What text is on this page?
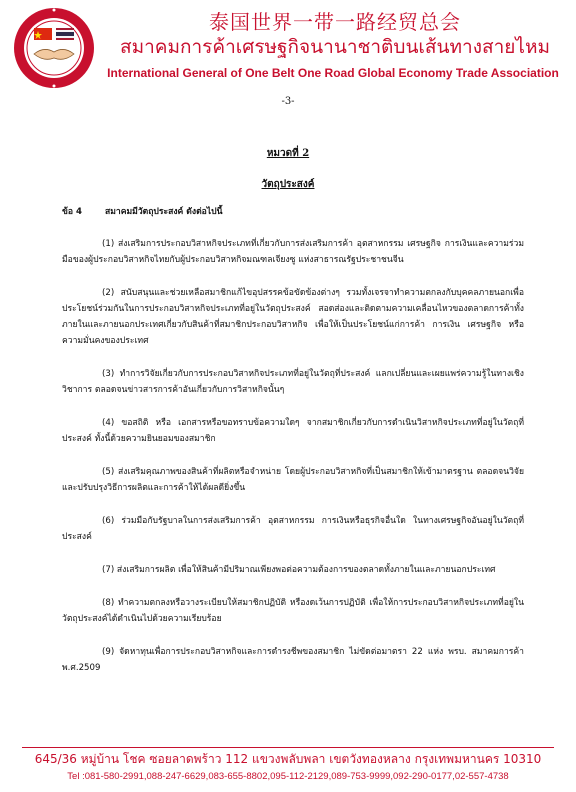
泰国世界一带一路经贸总会
สมาคมการค้าเศรษฐกิจนานาชาติบนเส้นทางสายไหม
International General of One Belt One Road Global Economy Trade Association
-3-
หมวดที่ 2
วัตถุประสงค์
ข้อ 4	สมาคมมีวัตถุประสงค์ ดังต่อไปนี้

(1) ส่งเสริมการประกอบวิสาหกิจประเภทที่เกี่ยวกับการส่งเสริมการค้า อุตสาหกรรม เศรษฐกิจ การเงินและความร่วมมือของผู้ประกอบวิสาหกิจไทยกับผู้ประกอบวิสาหกิจมณฑลเจียงซู แห่งสาธารณรัฐประชาชนจีน

(2) สนับสนุนและช่วยเหลือสมาชิกแก้ไขอุปสรรคข้อขัดข้องต่างๆ รวมทั้งเจรจาทำความตกลงกับบุคคลภายนอกเพื่อประโยชน์ร่วมกันในการประกอบวิสาหกิจประเภทที่อยู่ในวัตถุประสงค์ สอดส่องและติดตามความเคลื่อนไหวของตลาดการค้าทั้งภายในและภายนอกประเทศเกี่ยวกับสินค้าที่สมาชิกประกอบวิสาหกิจ เพื่อให้เป็นประโยชน์แก่การค้า การเงิน เศรษฐกิจ หรือความมั่นคงของประเทศ

(3) ทำการวิจัยเกี่ยวกับการประกอบวิสาหกิจประเภทที่อยู่ในวัตถุที่ประสงค์ แลกเปลี่ยนและเผยแพร่ความรู้ในทางเชิงวิชาการ ตลอดจนข่าวสารการค้าอันเกี่ยวกับการวิสาหกิจนั้นๆ

(4) ขอสถิติ หรือ เอกสารหรือขอทราบข้อความใดๆ จากสมาชิกเกี่ยวกับการดำเนินวิสาหกิจประเภทที่อยู่ในวัตถุที่ประสงค์ ทั้งนี้ด้วยความยินยอมของสมาชิก

(5) ส่งเสริมคุณภาพของสินค้าที่ผลิตหรือจำหน่าย โดยผู้ประกอบวิสาหกิจที่เป็นสมาชิกให้เข้ามาตรฐาน ตลอดจนวิจัยและปรับปรุงวิธีการผลิตและการค้าให้ได้ผลดียิ่งขึ้น

(6) ร่วมมือกับรัฐบาลในการส่งเสริมการค้า อุตสาหกรรม การเงินหรือธุรกิจอื่นใด ในทางเศรษฐกิจอันอยู่ในวัตถุที่ประสงค์

(7) ส่งเสริมการผลิต เพื่อให้สินค้ามีปริมาณเพียงพอต่อความต้องการของตลาดทั้งภายในและภายนอกประเทศ

(8) ทำความตกลงหรือวางระเบียบให้สมาชิกปฏิบัติ หรืองดเว้นการปฏิบัติ เพื่อให้การประกอบวิสาหกิจประเภทที่อยู่ในวัตถุประสงค์ได้ดำเนินไปด้วยความเรียบร้อย

(9) จัดหาทุนเพื่อการประกอบวิสาหกิจและการดำรงชีพของสมาชิก ไม่ขัดต่อมาตรา 22 แห่ง พรบ. สมาคมการค้า พ.ศ.2509

645/36 หมู่บ้าน โชค ซอยลาดพร้าว 112 แขวงพลับพลา เขตวังทองหลาง กรุงเทพมหานคร 10310
Tel :081-580-2991,088-247-6629,083-655-8802,095-112-2129,089-753-9999,092-290-0177,02-557-4738
